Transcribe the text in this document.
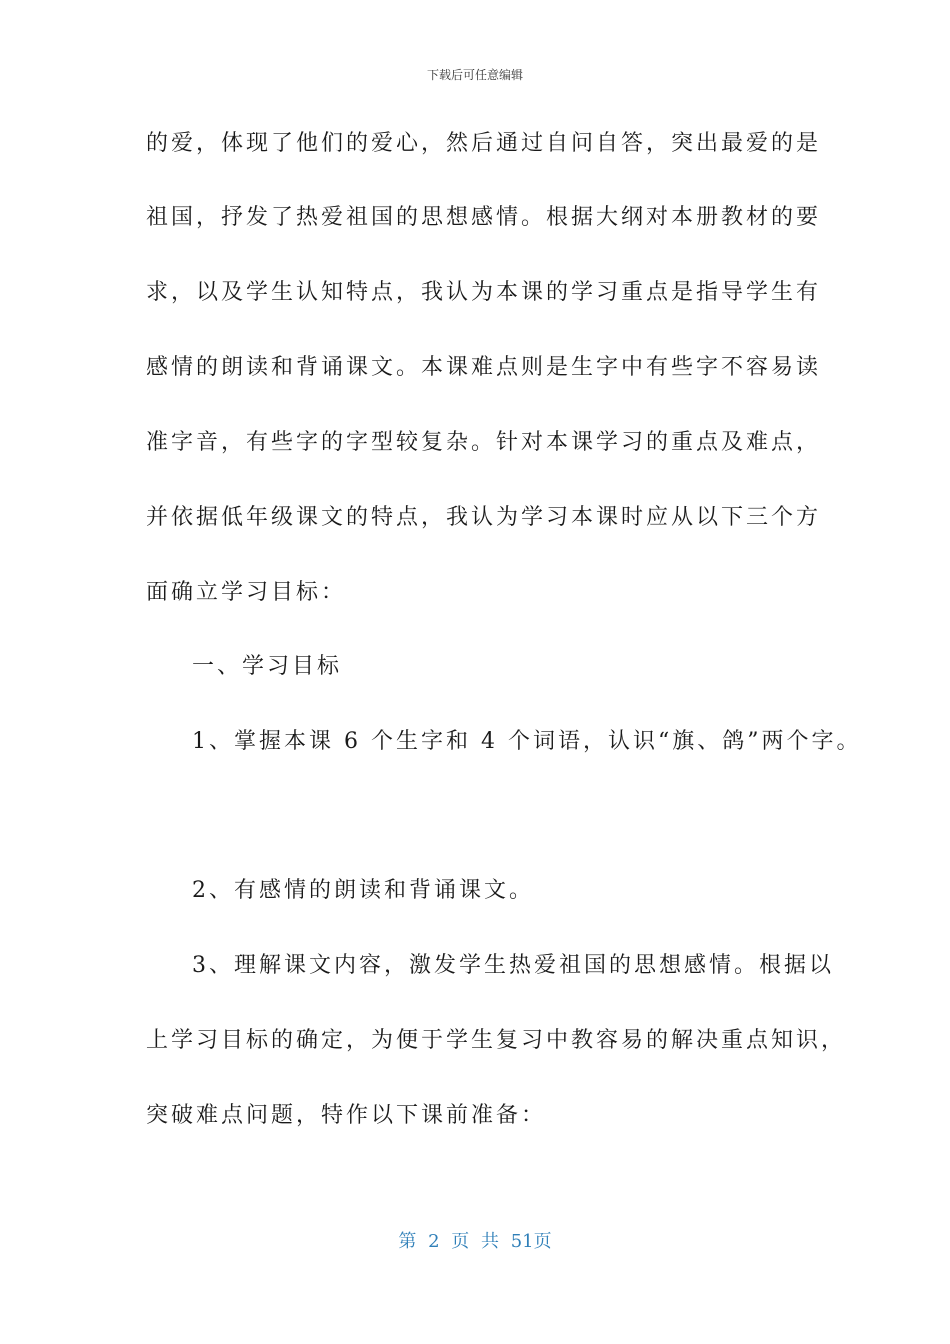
下载后可任意编辑
的爱，体现了他们的爱心，然后通过自问自答，突出最爱的是
祖国，抒发了热爱祖国的思想感情。根据大纲对本册教材的要
求，以及学生认知特点，我认为本课的学习重点是指导学生有
感情的朗读和背诵课文。本课难点则是生字中有些字不容易读
准字音，有些字的字型较复杂。针对本课学习的重点及难点，
并依据低年级课文的特点，我认为学习本课时应从以下三个方
面确立学习目标：
一、学习目标
1、掌握本课 6 个生字和 4 个词语，认识“旗、鸽”两个字。
2、有感情的朗读和背诵课文。
3、理解课文内容，激发学生热爱祖国的思想感情。根据以
上学习目标的确定，为便于学生复习中教容易的解决重点知识，
突破难点问题，特作以下课前准备：
第 2 页 共 51页
